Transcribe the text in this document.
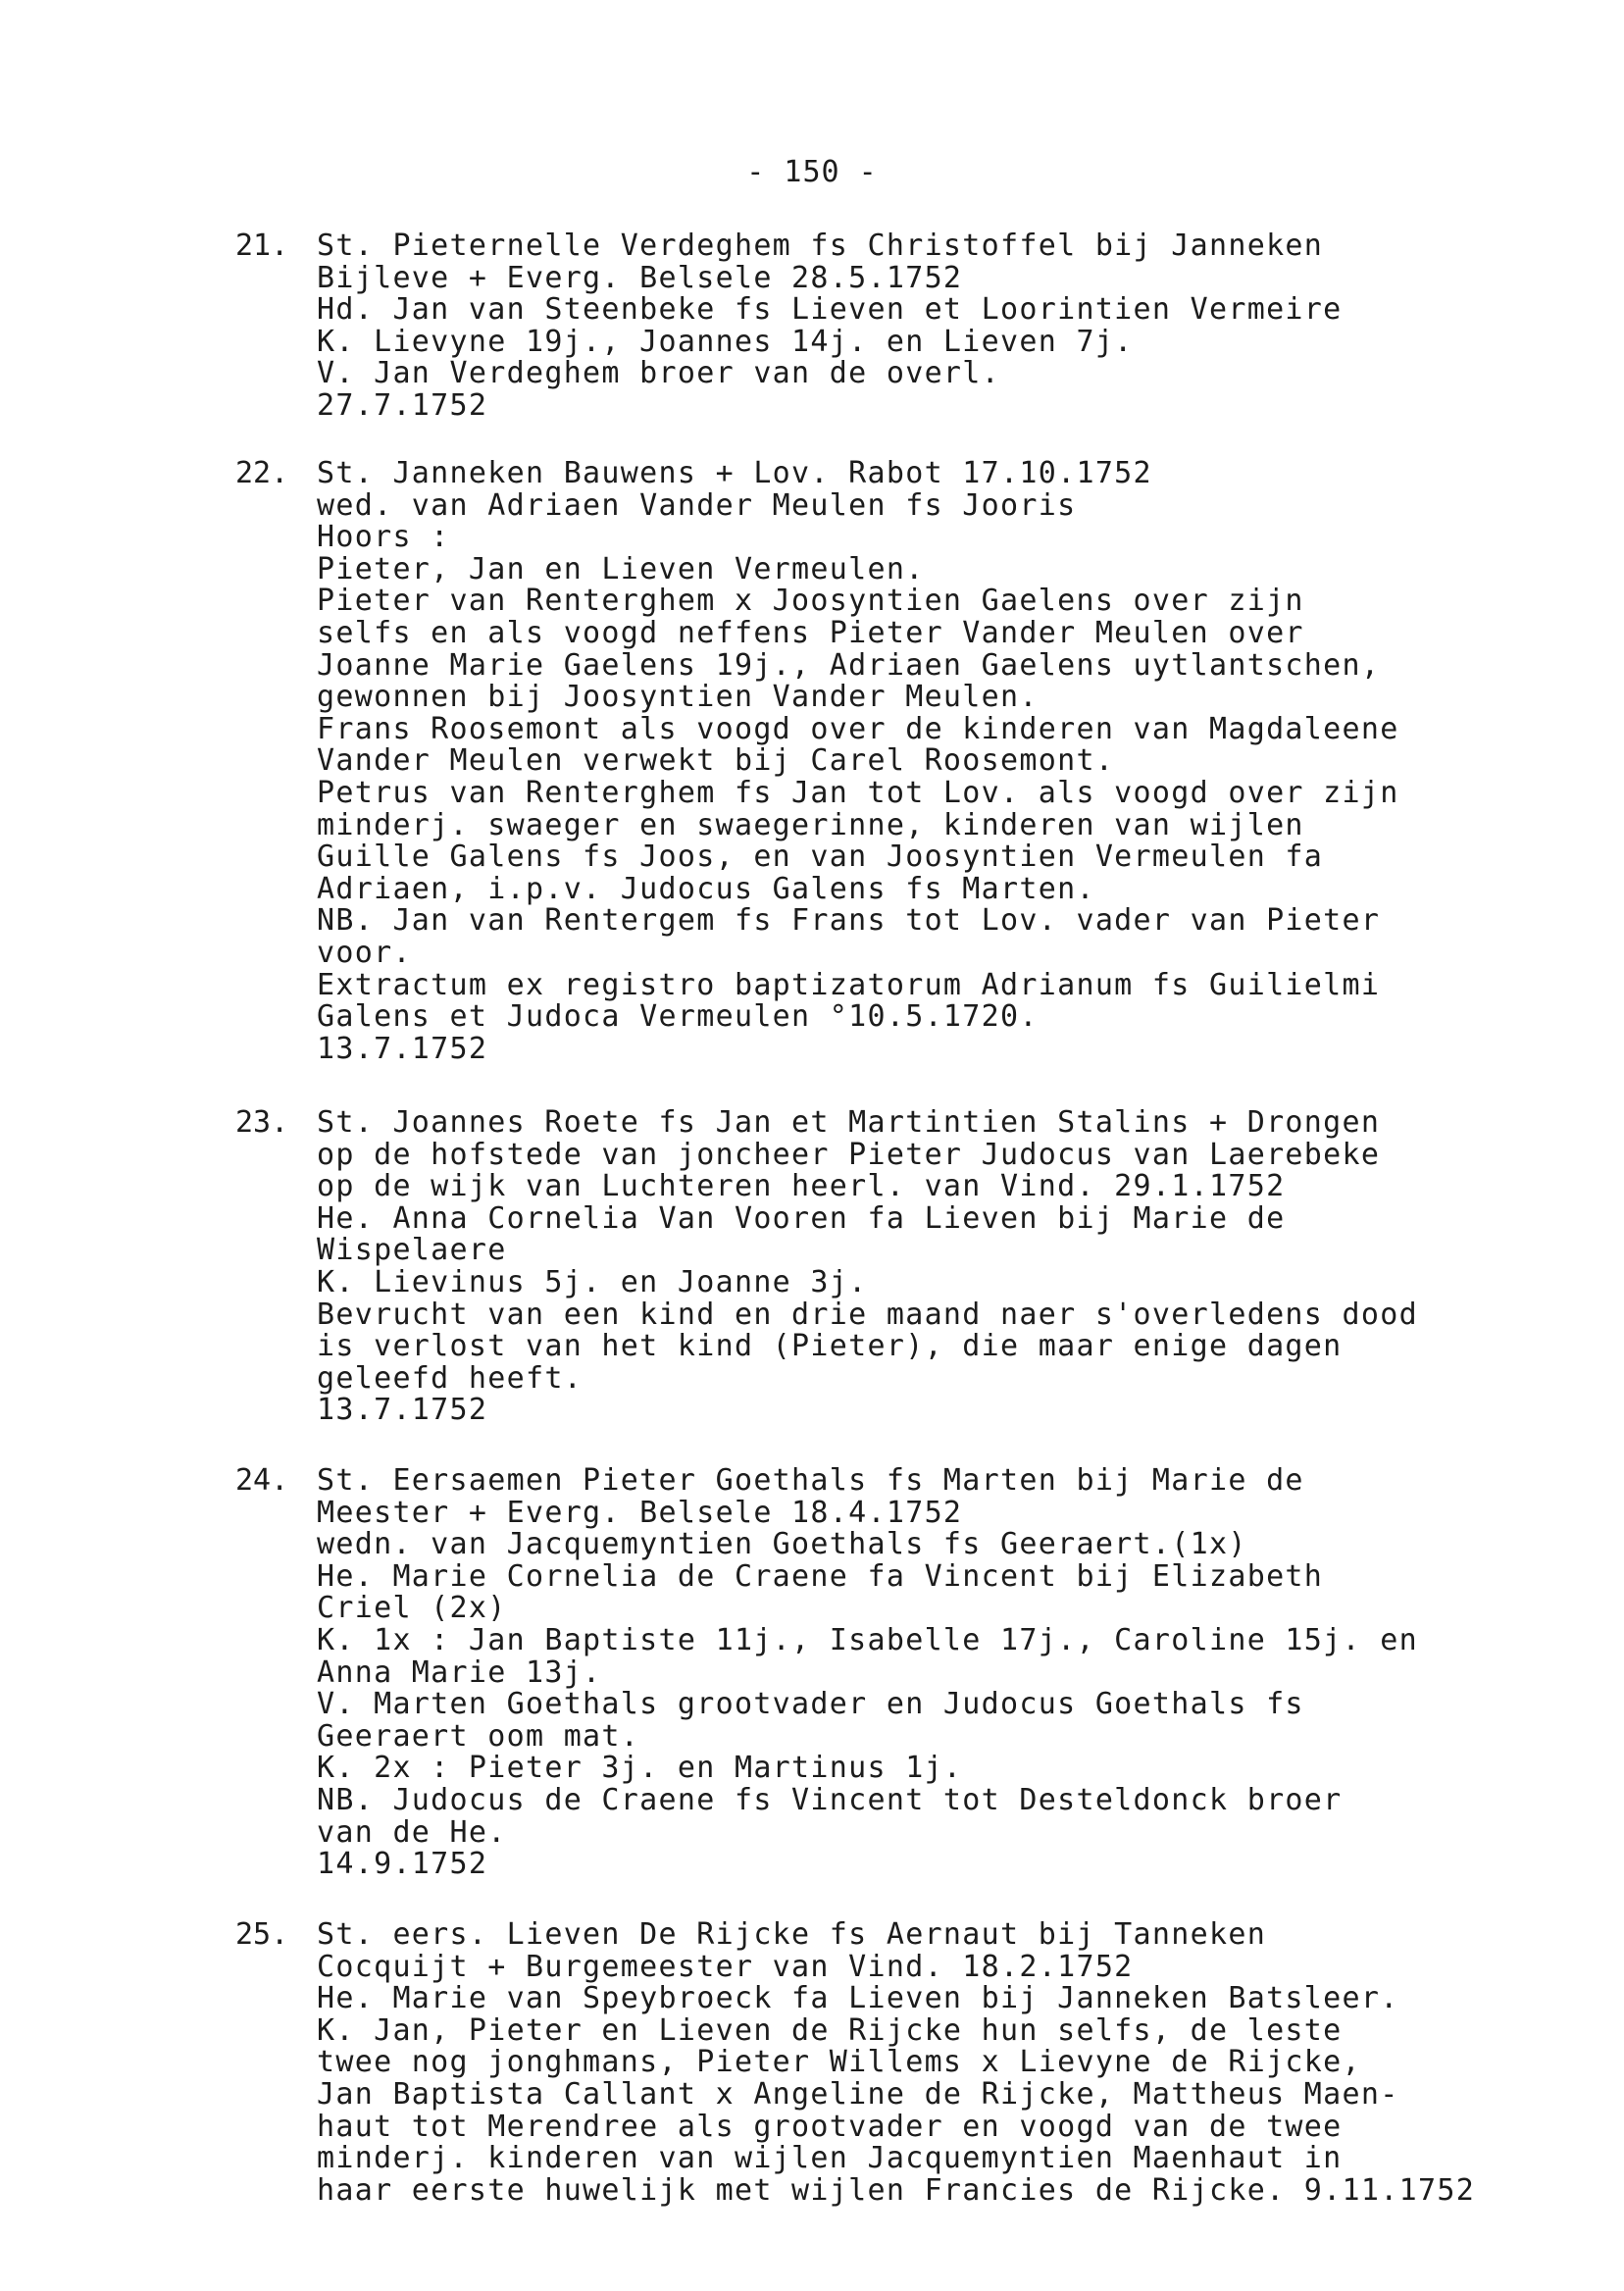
- 150 -
21. St. Pieternelle Verdeghem fs Christoffel bij Janneken
Bijleve + Everg. Belsele 28.5.1752
Hd. Jan van Steenbeke fs Lieven et Loorintien Vermeire
K. Lievyne 19j., Joannes 14j. en Lieven 7j.
V. Jan Verdeghem broer van de overl.
27.7.1752
22. St. Janneken Bauwens + Lov. Rabot 17.10.1752
wed. van Adriaen Vander Meulen fs Jooris
Hoors :
Pieter, Jan en Lieven Vermeulen.
Pieter van Renterghem x Joosyntien Gaelens over zijn
selfs en als voogd neffens Pieter Vander Meulen over
Joanne Marie Gaelens 19j., Adriaen Gaelens uytlantschen,
gewonnen bij Joosyntien Vander Meulen.
Frans Roosemont als voogd over de kinderen van Magdaleene
Vander Meulen verwekt bij Carel Roosemont.
Petrus van Renterghem fs Jan tot Lov. als voogd over zijn
minderj. swaeger en swaegerinne, kinderen van wijlen
Guille Galens fs Joos, en van Joosyntien Vermeulen fa
Adriaen, i.p.v. Judocus Galens fs Marten.
NB. Jan van Rentergem fs Frans tot Lov. vader van Pieter
voor.
Extractum ex registro baptizatorum Adrianum fs Guilielmi
Galens et Judoca Vermeulen °10.5.1720.
13.7.1752
23. St. Joannes Roete fs Jan et Martintien Stalins + Drongen
op de hofstede van joncheer Pieter Judocus van Laerebeke
op de wijk van Luchteren heerl. van Vind. 29.1.1752
He. Anna Cornelia Van Vooren fa Lieven bij Marie de
Wispelaere
K. Lievinus 5j. en Joanne 3j.
Bevrucht van een kind en drie maand naer s'overledens dood
is verlost van het kind (Pieter), die maar enige dagen
geleefd heeft.
13.7.1752
24. St. Eersaemen Pieter Goethals fs Marten bij Marie de
Meester + Everg. Belsele 18.4.1752
wedn. van Jacquemyntien Goethals fs Geeraert.(1x)
He. Marie Cornelia de Craene fa Vincent bij Elizabeth
Criel (2x)
K. 1x : Jan Baptiste 11j., Isabelle 17j., Caroline 15j. en
Anna Marie 13j.
V. Marten Goethals grootvader en Judocus Goethals fs
Geeraert oom mat.
K. 2x : Pieter 3j. en Martinus 1j.
NB. Judocus de Craene fs Vincent tot Desteldonck broer
van de He.
14.9.1752
25. St. eers. Lieven De Rijcke fs Aernaut bij Tanneken
Cocquijt + Burgemeester van Vind. 18.2.1752
He. Marie van Speybroeck fa Lieven bij Janneken Batsleer.
K. Jan, Pieter en Lieven de Rijcke hun selfs, de leste
twee nog jonghmans, Pieter Willems x Lievyne de Rijcke,
Jan Baptista Callant x Angeline de Rijcke, Mattheus Maen-
haut tot Merendree als grootvader en voogd van de twee
minderj. kinderen van wijlen Jacquemyntien Maenhaut in
haar eerste huwelijk met wijlen Francies de Rijcke. 9.11.1752
